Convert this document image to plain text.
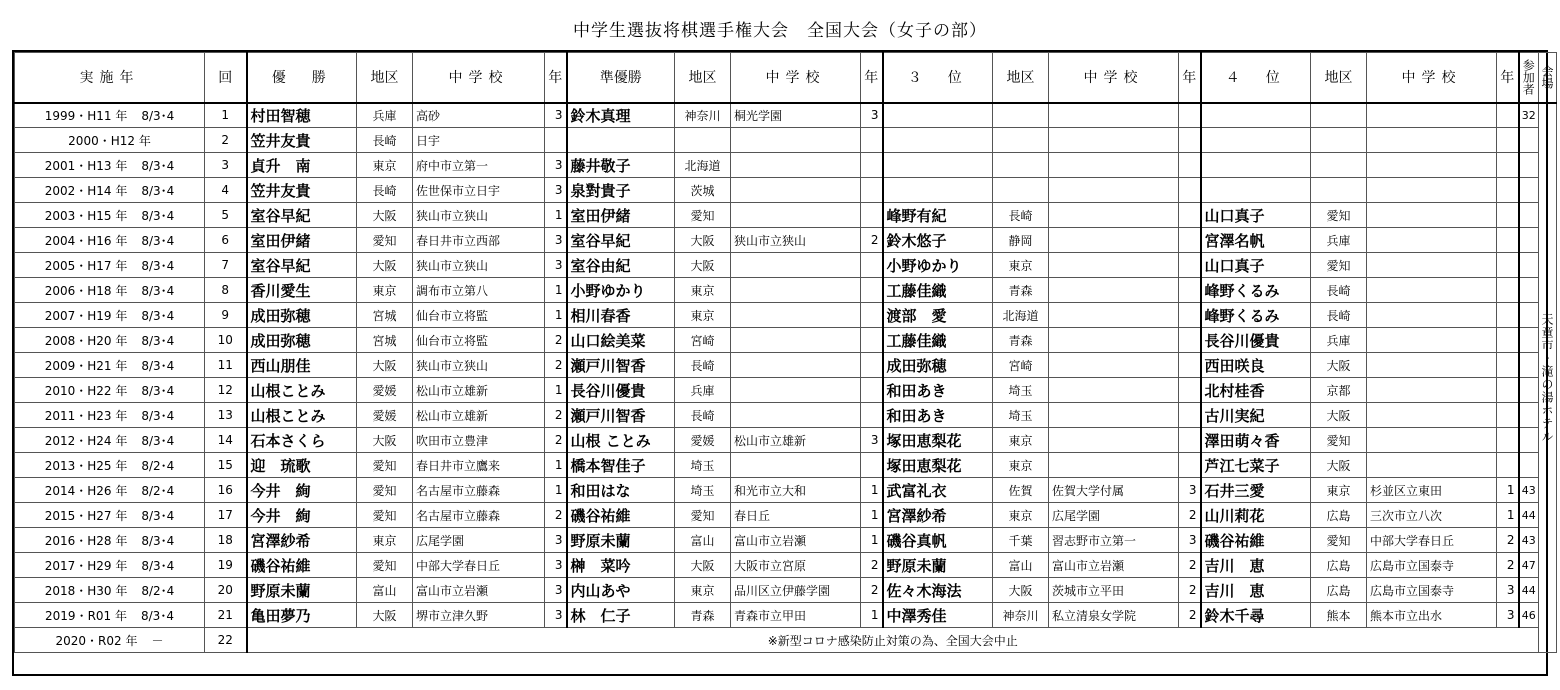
中学生選抜将棋選手権大会　全国大会（女子の部）
実施年	回	優　勝	地区	中学校	年	準優勝	地区	中学校	年	３　位	地区	中学校	年	４　位	地区	中学校	年	参加者	会場
1999・H11 年 8/3･4	1	村田智穂	兵庫	高砂	3	鈴木真理	神奈川	桐光学園	3									32	天童市・滝の湯ホテル
2000・H12 年	2	笠井友貴	長崎	日宇															
2001・H13 年 8/3･4	3	貞升　南	東京	府中市立第一	3	藤井敬子	北海道												
2002・H14 年 8/3･4	4	笠井友貴	長崎	佐世保市立日宇	3	泉對貴子	茨城												
2003・H15 年 8/3･4	5	室谷早紀	大阪	狭山市立狭山	1	室田伊緒	愛知			峰野有紀	長崎			山口真子	愛知				
2004・H16 年 8/3･4	6	室田伊緒	愛知	春日井市立西部	3	室谷早紀	大阪	狭山市立狭山	2	鈴木悠子	静岡			宮澤名帆	兵庫				
2005・H17 年 8/3･4	7	室谷早紀	大阪	狭山市立狭山	3	室谷由紀	大阪			小野ゆかり	東京			山口真子	愛知				
2006・H18 年 8/3･4	8	香川愛生	東京	調布市立第八	1	小野ゆかり	東京			工藤佳織	青森			峰野くるみ	長崎				
2007・H19 年 8/3･4	9	成田弥穂	宮城	仙台市立将監	1	相川春香	東京			渡部　愛	北海道			峰野くるみ	長崎				
2008・H20 年 8/3･4	10	成田弥穂	宮城	仙台市立将監	2	山口絵美菜	宮崎			工藤佳織	青森			長谷川優貴	兵庫				
2009・H21 年 8/3･4	11	西山朋佳	大阪	狭山市立狭山	2	瀬戸川智香	長崎			成田弥穂	宮崎			西田咲良	大阪				
2010・H22 年 8/3･4	12	山根ことみ	愛媛	松山市立雄新	1	長谷川優貴	兵庫			和田あき	埼玉			北村桂香	京都				
2011・H23 年 8/3･4	13	山根ことみ	愛媛	松山市立雄新	2	瀬戸川智香	長崎			和田あき	埼玉			古川実紀	大阪				
2012・H24 年 8/3･4	14	石本さくら	大阪	吹田市立豊津	2	山根 ことみ	愛媛	松山市立雄新	3	塚田恵梨花	東京			澤田萌々香	愛知				
2013・H25 年 8/2･4	15	迎　琉歌	愛知	春日井市立鷹来	1	橋本智佳子	埼玉			塚田恵梨花	東京			芦江七菜子	大阪				
2014・H26 年 8/2･4	16	今井　絢	愛知	名古屋市立藤森	1	和田はな	埼玉	和光市立大和	1	武富礼衣	佐賀	佐賀大学付属	3	石井三愛	東京	杉並区立東田	1	43	
2015・H27 年 8/3･4	17	今井　絢	愛知	名古屋市立藤森	2	磯谷祐維	愛知	春日丘	1	宮澤紗希	東京	広尾学園	2	山川莉花	広島	三次市立八次	1	44	
2016・H28 年 8/3･4	18	宮澤紗希	東京	広尾学園	3	野原未蘭	富山	富山市立岩瀬	1	磯谷真帆	千葉	習志野市立第一	3	磯谷祐維	愛知	中部大学春日丘	2	43	
2017・H29 年 8/3･4	19	磯谷祐維	愛知	中部大学春日丘	3	榊　菜吟	大阪	大阪市立宮原	2	野原未蘭	富山	富山市立岩瀬	2	吉川　恵	広島	広島市立国泰寺	2	47	
2018・H30 年 8/2･4	20	野原未蘭	富山	富山市立岩瀬	3	内山あや	東京	品川区立伊藤学園	2	佐々木海法	大阪	茨城市立平田	2	吉川　恵	広島	広島市立国泰寺	3	44	
2019・R01 年 8/3･4	21	亀田夢乃	大阪	堺市立津久野	3	林　仁子	青森	青森市立甲田	1	中澤秀佳	神奈川	私立清泉女学院	2	鈴木千尋	熊本	熊本市立出水	3	46	
2020・R02 年 －	22	※新型コロナ感染防止対策の為、全国大会中止																	
